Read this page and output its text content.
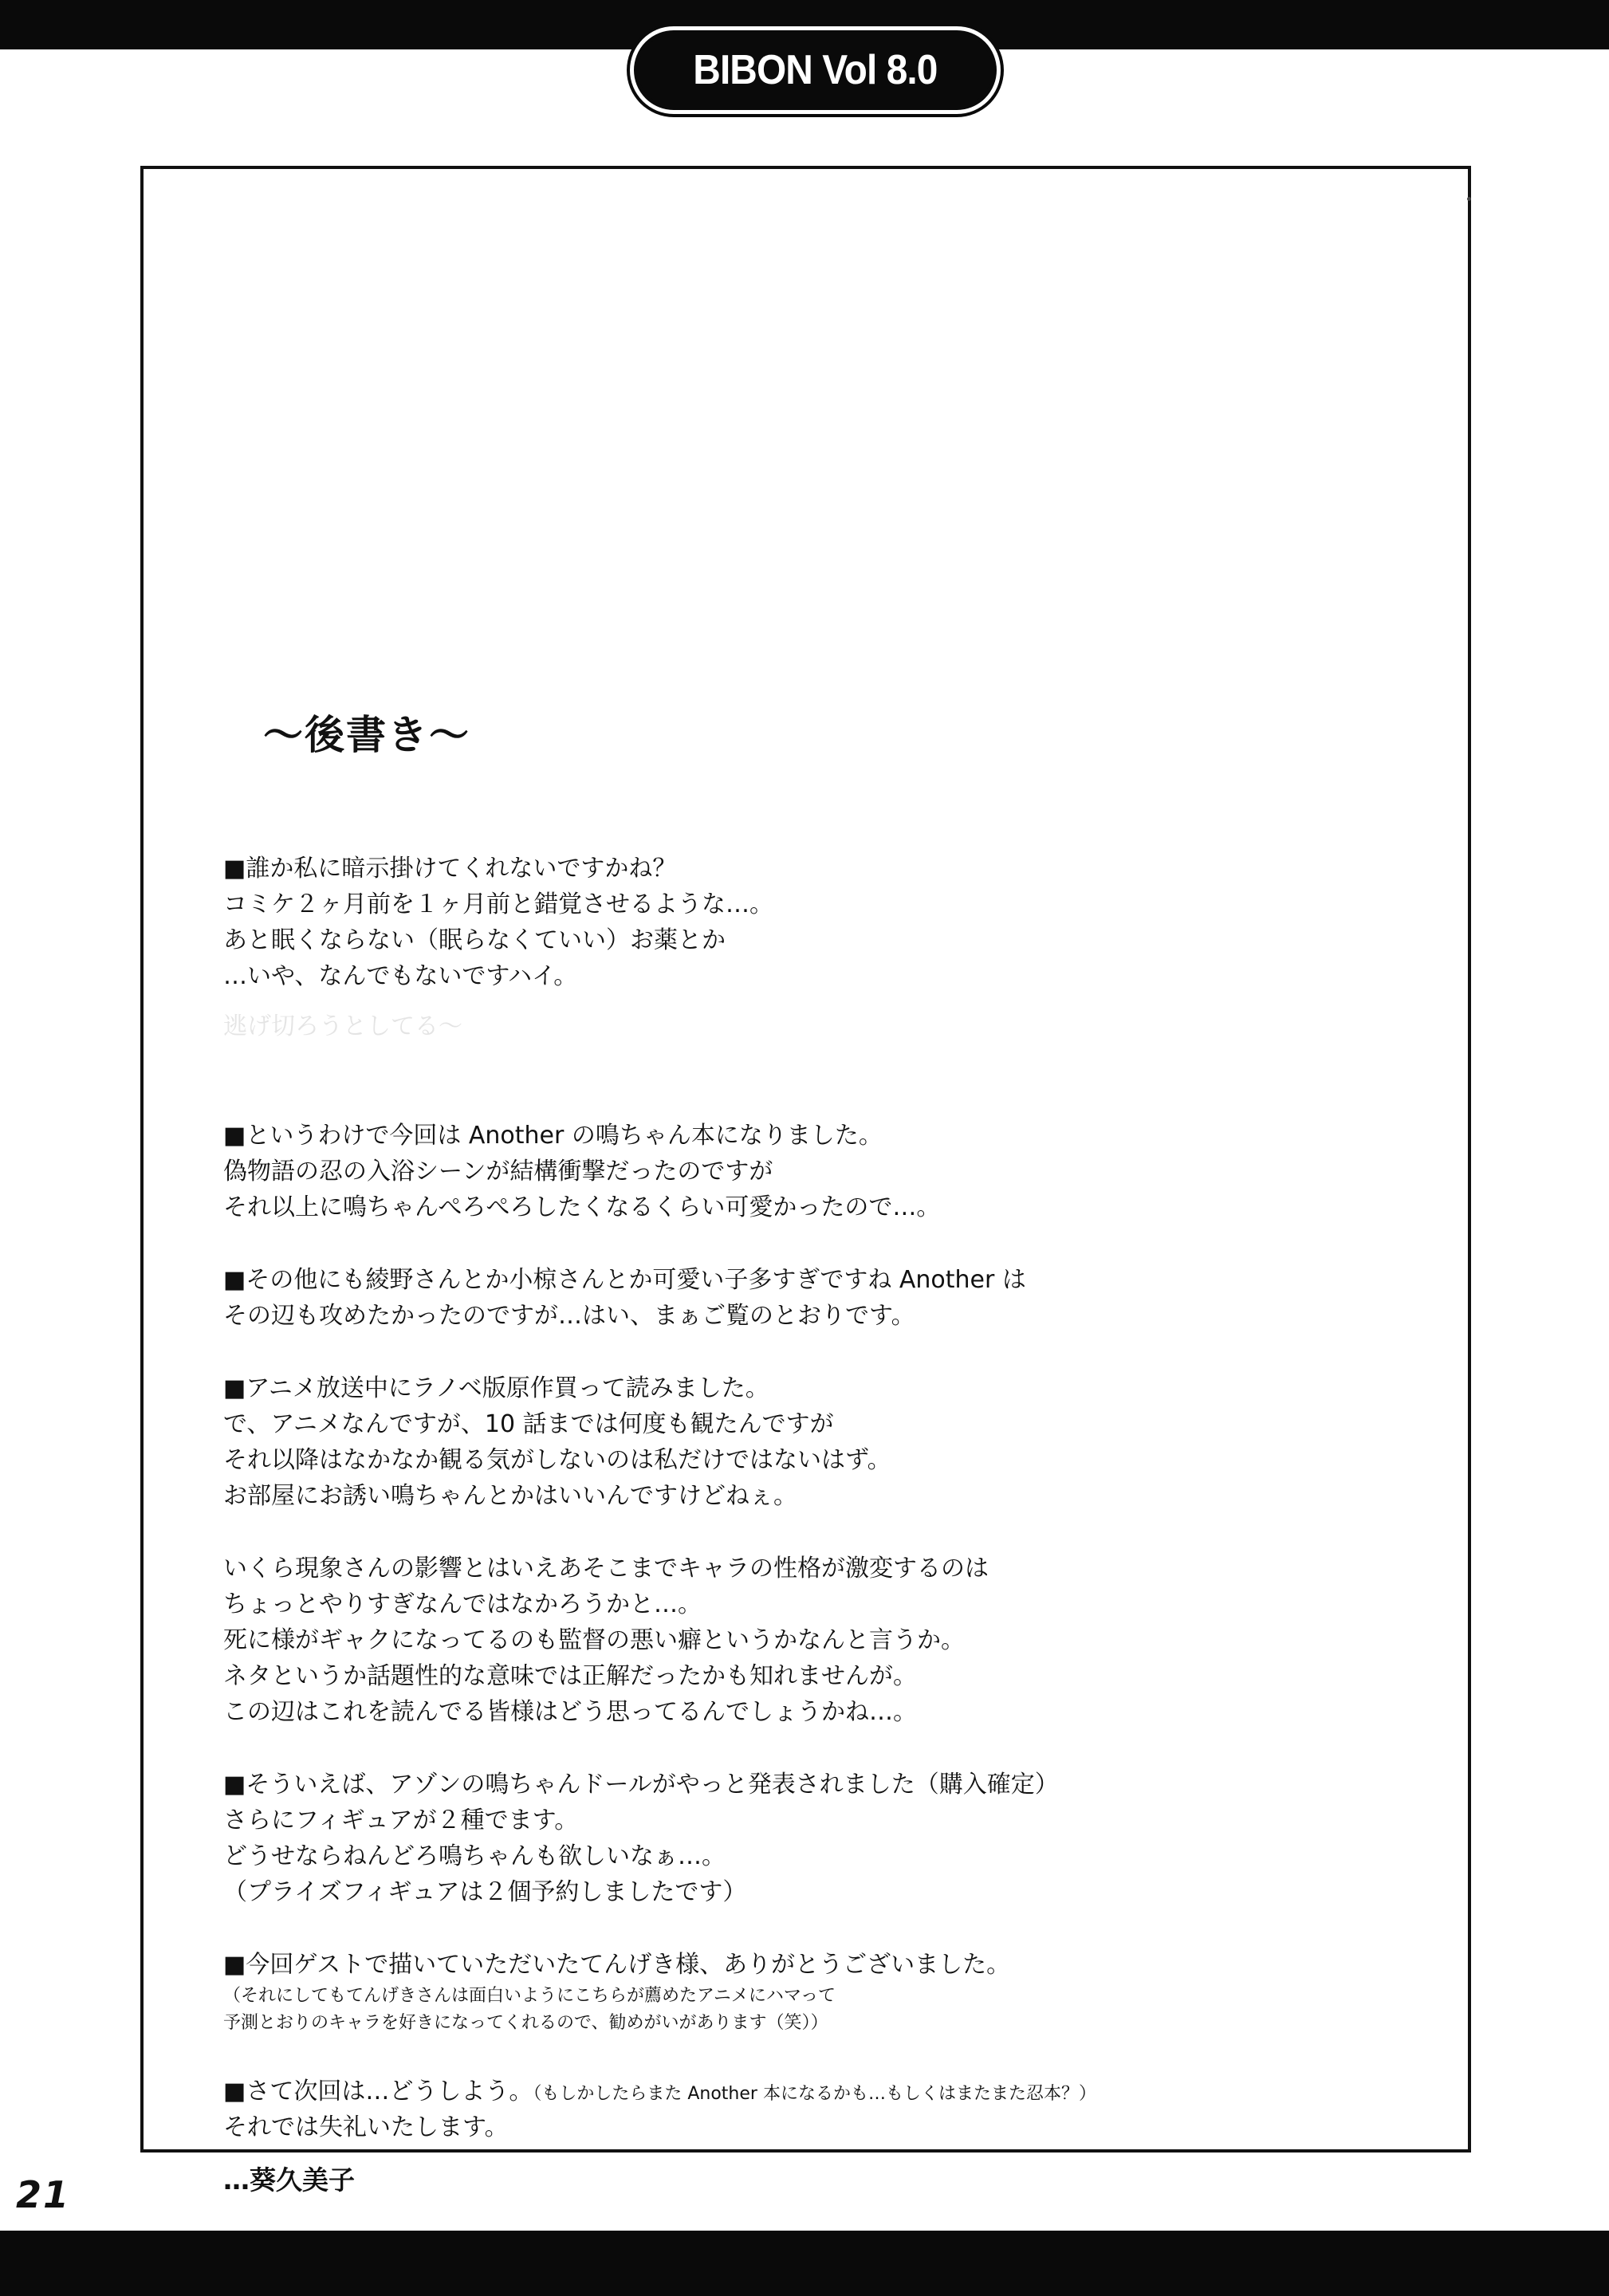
BIBON Vol 8.0
〜後書き〜
■誰か私に暗示掛けてくれないですかね？
コミケ２ヶ月前を１ヶ月前と錯覚させるような…。
あと眠くならない（眠らなくていい）お薬とか
…いや、なんでもないですハイ。
逃げ切ろうとしてる〜
■というわけで今回は Another の鳴ちゃん本になりました。
偽物語の忍の入浴シーンが結構衝撃だったのですが
それ以上に鳴ちゃんぺろぺろしたくなるくらい可愛かったので…。
■その他にも綾野さんとか小椋さんとか可愛い子多すぎですね Another は
その辺も攻めたかったのですが…はい、まぁご覧のとおりです。
■アニメ放送中にラノベ版原作買って読みました。
で、アニメなんですが、10 話までは何度も観たんですが
それ以降はなかなか観る気がしないのは私だけではないはず。
お部屋にお誘い鳴ちゃんとかはいいんですけどねぇ。
いくら現象さんの影響とはいえあそこまでキャラの性格が激変するのは
ちょっとやりすぎなんではなかろうかと…。
死に様がギャクになってるのも監督の悪い癖というかなんと言うか。
ネタというか話題性的な意味では正解だったかも知れませんが。
この辺はこれを読んでる皆様はどう思ってるんでしょうかね…。
■そういえば、アゾンの鳴ちゃんドールがやっと発表されました（購入確定）
さらにフィギュアが２種でます。
どうせならねんどろ鳴ちゃんも欲しいなぁ…。
（プライズフィギュアは２個予約しましたです）
■今回ゲストで描いていただいたてんげき様、ありがとうございました。
（それにしてもてんげきさんは面白いようにこちらが薦めたアニメにハマって
予測とおりのキャラを好きになってくれるので、勧めがいがあります（笑））
■さて次回は…どうしよう。（もしかしたらまた Another 本になるかも…もしくはまたまた忍本？）
それでは失礼いたします。
…葵久美子
21
